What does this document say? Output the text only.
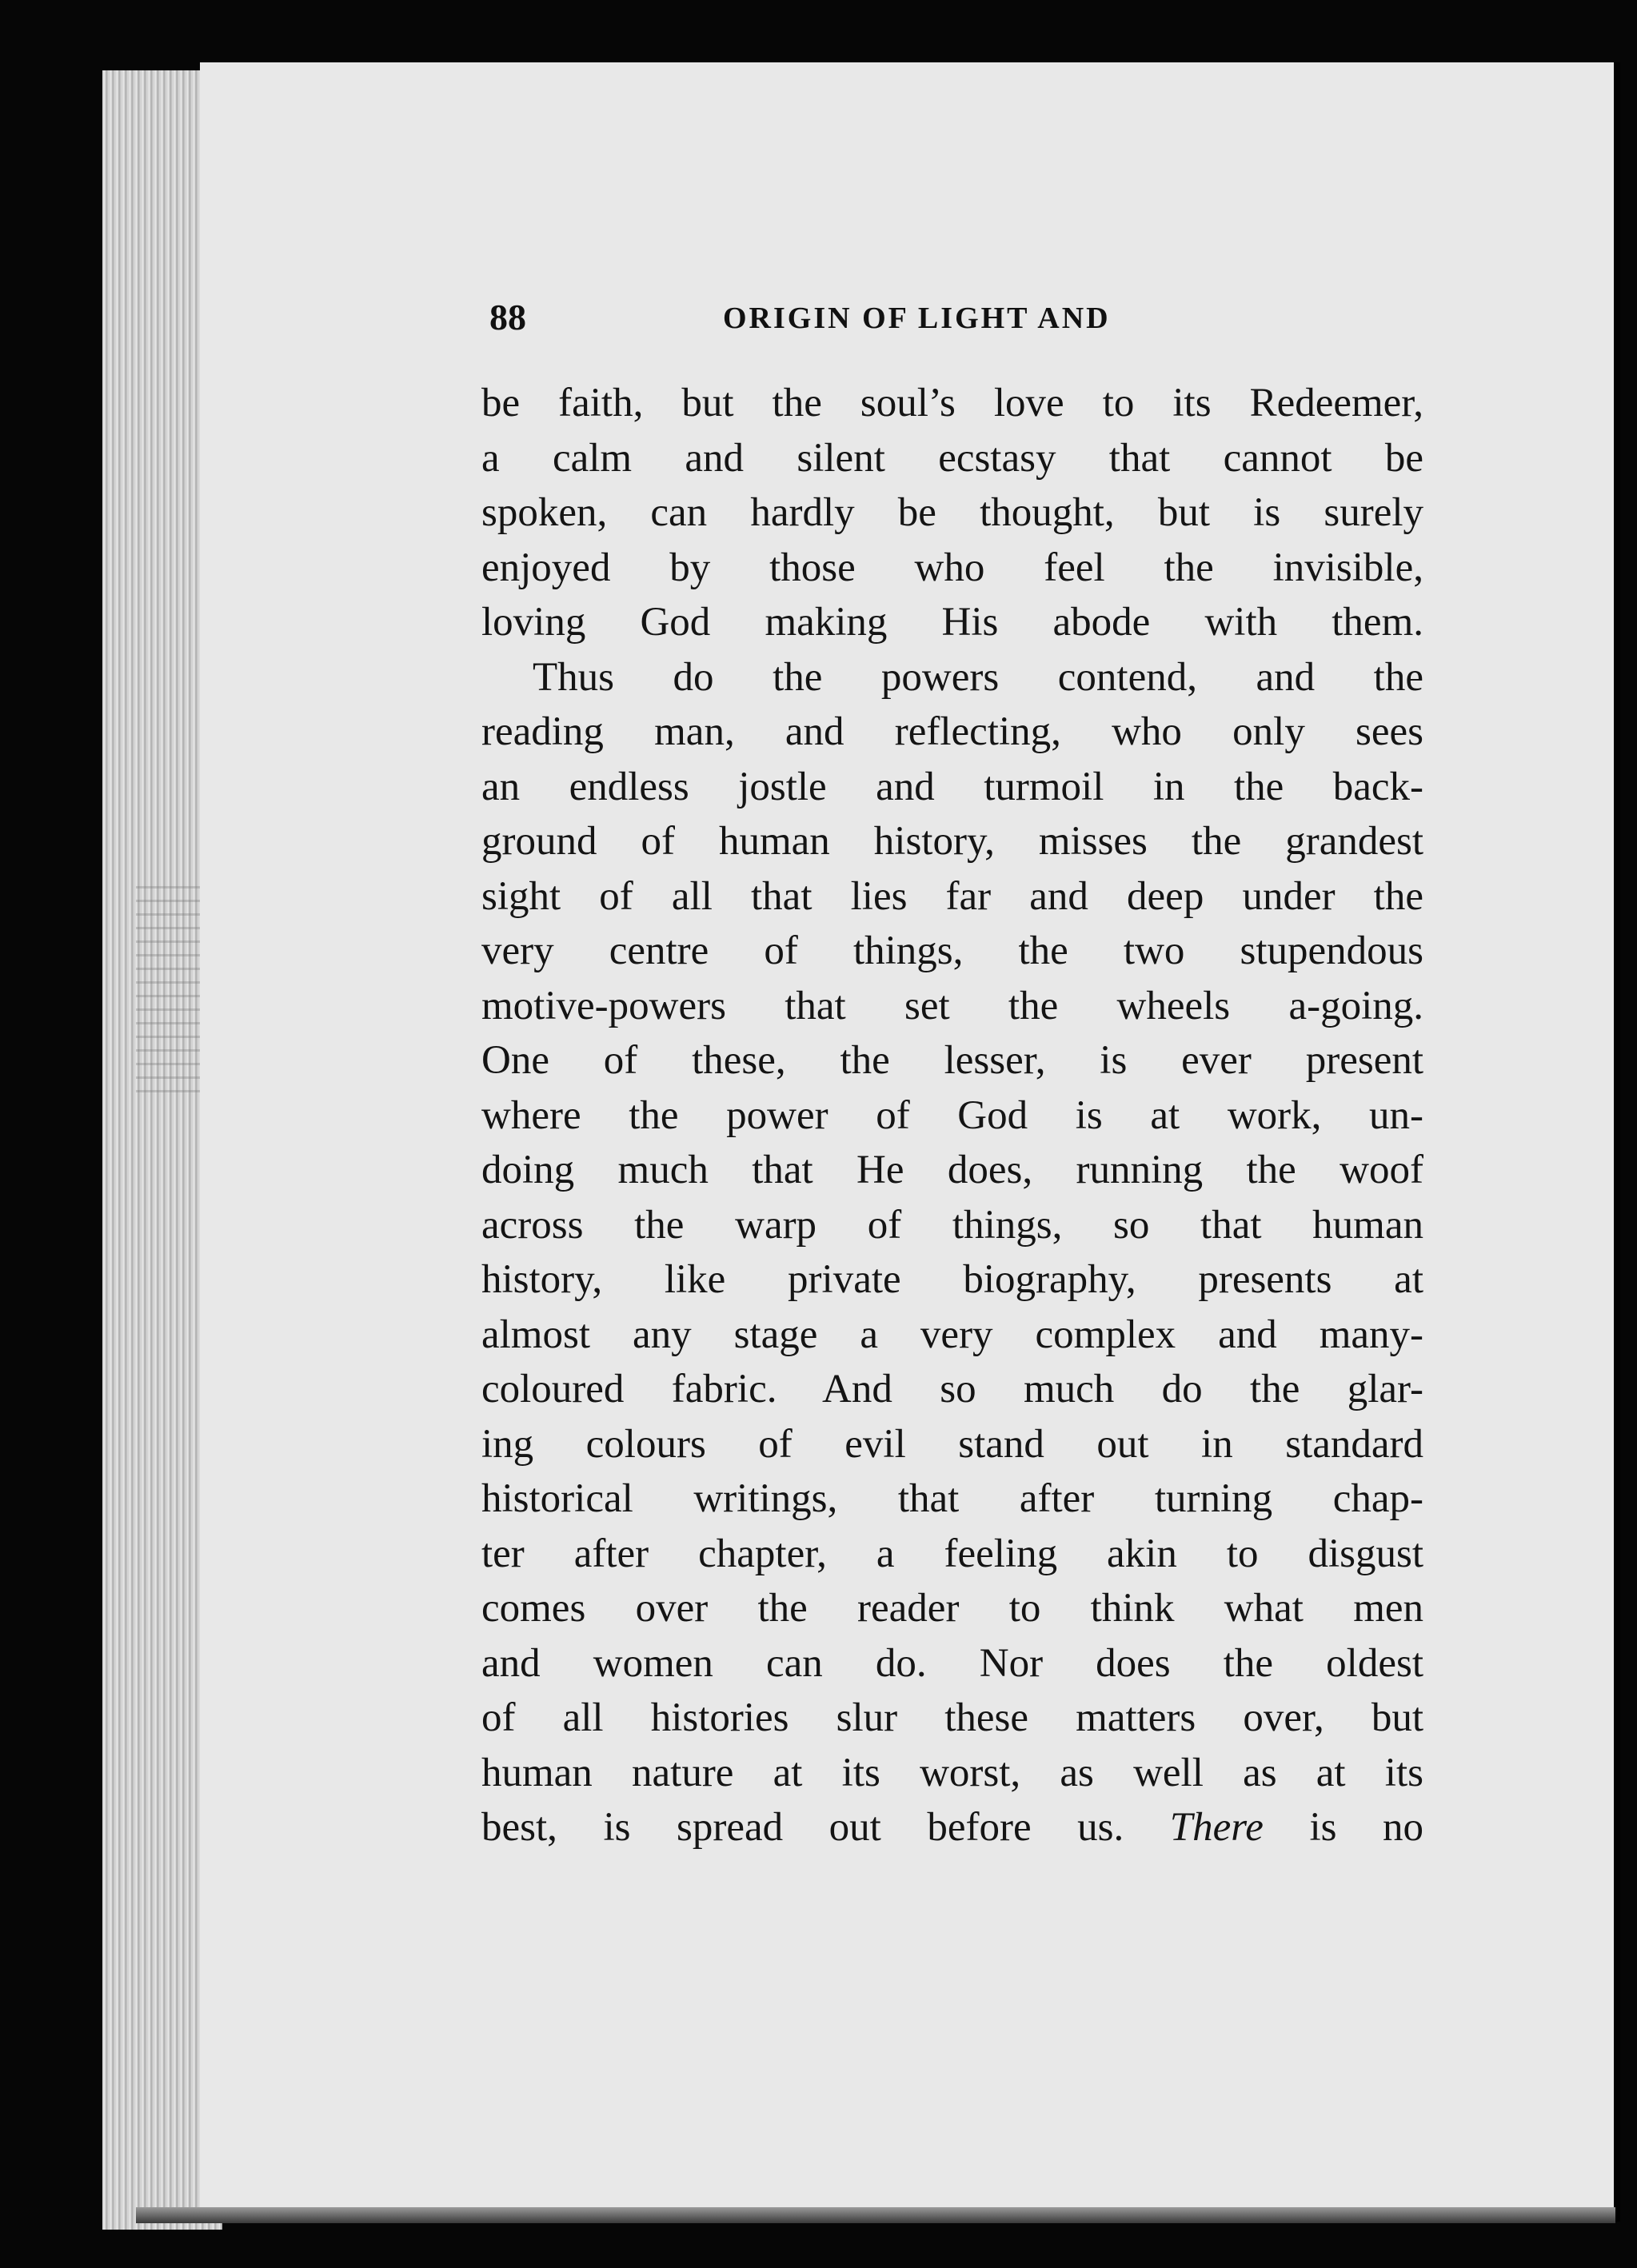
88	ORIGIN OF LIGHT AND
be faith, but the soul’s love to its Redeemer,
a calm and silent ecstasy that cannot be
spoken, can hardly be thought, but is surely
enjoyed by those who feel the invisible,
loving God making His abode with them.
Thus do the powers contend, and the
reading man, and reflecting, who only sees
an endless jostle and turmoil in the back-
ground of human history, misses the grandest
sight of all that lies far and deep under the
very centre of things, the two stupendous
motive-powers that set the wheels a-going.
One of these, the lesser, is ever present
where the power of God is at work, un-
doing much that He does, running the woof
across the warp of things, so that human
history, like private biography, presents at
almost any stage a very complex and many-
coloured fabric. And so much do the glar-
ing colours of evil stand out in standard
historical writings, that after turning chap-
ter after chapter, a feeling akin to disgust
comes over the reader to think what men
and women can do. Nor does the oldest
of all histories slur these matters over, but
human nature at its worst, as well as at its
best, is spread out before us. There is no
